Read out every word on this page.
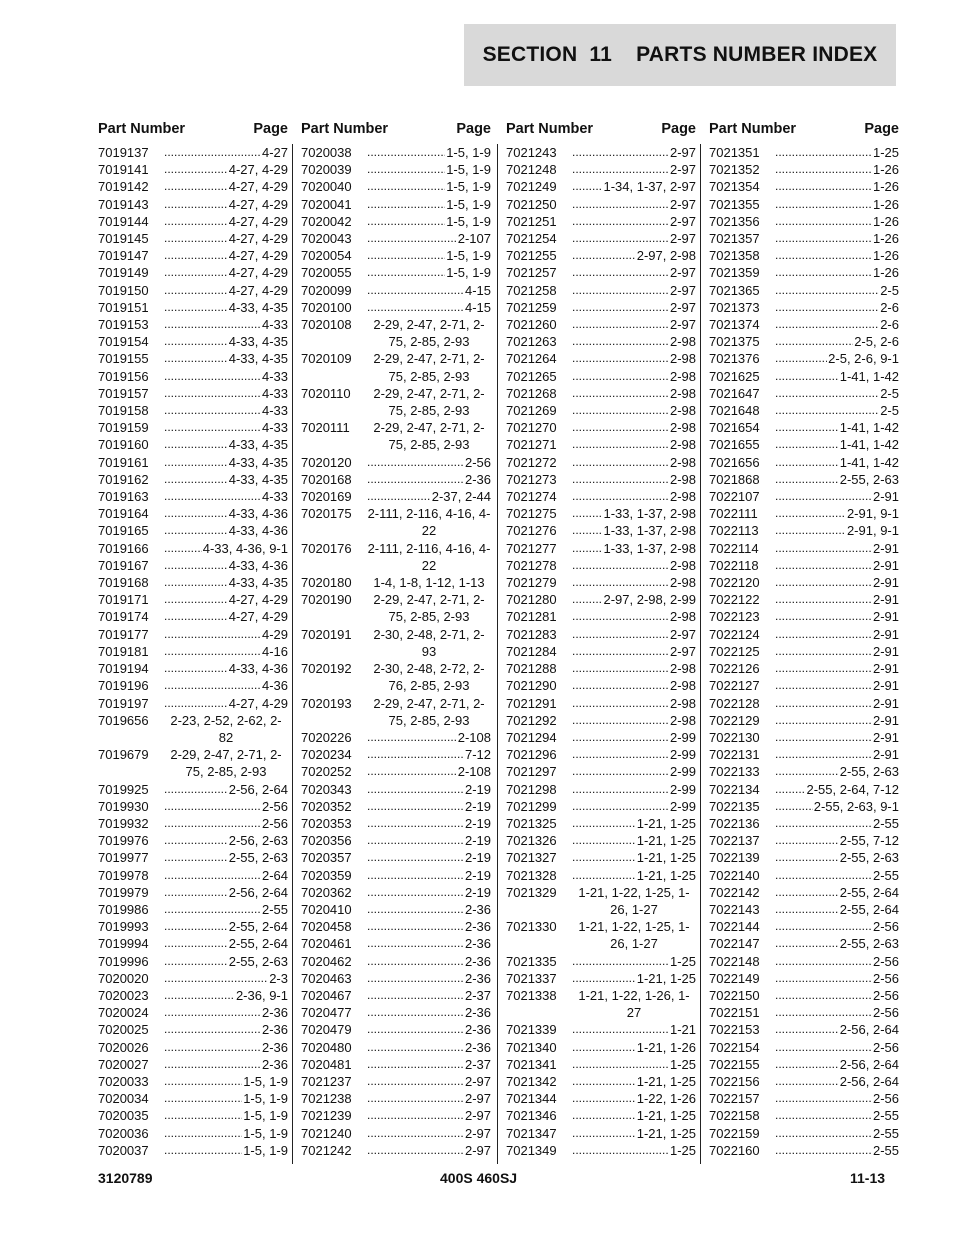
SECTION  11
PARTS NUMBER INDEX
Part Number	Page
7019137 .....	4-27
7019141 .....	4-27, 4-29
7019142 .....	4-27, 4-29
7019143 .....	4-27, 4-29
7019144 .....	4-27, 4-29
7019145 .....	4-27, 4-29
7019147 .....	4-27, 4-29
7019149 .....	4-27, 4-29
7019150 .....	4-27, 4-29
7019151 .....	4-33, 4-35
7019153 .....	4-33
7019154 .....	4-33, 4-35
7019155 .....	4-33, 4-35
7019156 .....	4-33
7019157 .....	4-33
7019158 .....	4-33
7019159 .....	4-33
7019160 .....	4-33, 4-35
7019161 .....	4-33, 4-35
7019162 .....	4-33, 4-35
7019163 .....	4-33
7019164 .....	4-33, 4-36
7019165 .....	4-33, 4-36
7019166 .....	4-33, 4-36, 9-1
7019167 .....	4-33, 4-36
7019168 .....	4-33, 4-35
7019171 .....	4-27, 4-29
7019174 .....	4-27, 4-29
7019177 .....	4-29
7019181 .....	4-16
7019194 .....	4-33, 4-36
7019196 .....	4-36
7019197 .....	4-27, 4-29
7019656	2-23, 2-52, 2-62, 2-82
7019679	2-29, 2-47, 2-71, 2-75, 2-85, 2-93
7019925 .....	2-56, 2-64
7019930 .....	2-56
7019932 .....	2-56
7019976 .....	2-56, 2-63
7019977 .....	2-55, 2-63
7019978 .....	2-64
7019979 .....	2-56, 2-64
7019986 .....	2-55
7019993 .....	2-55, 2-64
7019994 .....	2-55, 2-64
7019996 .....	2-55, 2-63
7020020 .....	2-3
7020023 .....	2-36, 9-1
7020024 .....	2-36
7020025 .....	2-36
7020026 .....	2-36
7020027 .....	2-36
7020033 .....	1-5, 1-9
7020034 .....	1-5, 1-9
7020035 .....	1-5, 1-9
7020036 .....	1-5, 1-9
7020037 .....	1-5, 1-9
Part Number	Page
7020038 .....	1-5, 1-9
7020039 .....	1-5, 1-9
7020040 .....	1-5, 1-9
7020041 .....	1-5, 1-9
7020042 .....	1-5, 1-9
7020043 .....	2-107
7020054 .....	1-5, 1-9
7020055 .....	1-5, 1-9
7020099 .....	4-15
7020100 .....	4-15
7020108	2-29, 2-47, 2-71, 2-75, 2-85, 2-93
7020109	2-29, 2-47, 2-71, 2-75, 2-85, 2-93
7020110	2-29, 2-47, 2-71, 2-75, 2-85, 2-93
7020111	2-29, 2-47, 2-71, 2-75, 2-85, 2-93
7020120 .....	2-56
7020168 .....	2-36
7020169 .....	2-37, 2-44
7020175	2-111, 2-116, 4-16, 4-22
7020176	2-111, 2-116, 4-16, 4-22
7020180	1-4, 1-8, 1-12, 1-13
7020190	2-29, 2-47, 2-71, 2-75, 2-85, 2-93
7020191	2-30, 2-48, 2-71, 2-93
7020192	2-30, 2-48, 2-72, 2-76, 2-85, 2-93
7020193	2-29, 2-47, 2-71, 2-75, 2-85, 2-93
7020226 .....	2-108
7020234 .....	7-12
7020252 .....	2-108
7020343 .....	2-19
7020352 .....	2-19
7020353 .....	2-19
7020356 .....	2-19
7020357 .....	2-19
7020359 .....	2-19
7020362 .....	2-19
7020410 .....	2-36
7020458 .....	2-36
7020461 .....	2-36
7020462 .....	2-36
7020463 .....	2-36
7020467 .....	2-37
7020477 .....	2-36
7020479 .....	2-36
7020480 .....	2-36
7020481 .....	2-37
7021237 .....	2-97
7021238 .....	2-97
7021239 .....	2-97
7021240 .....	2-97
7021242 .....	2-97
Part Number	Page
7021243 .....	2-97
7021248 .....	2-97
7021249 .....	1-34, 1-37, 2-97
7021250 .....	2-97
7021251 .....	2-97
7021254 .....	2-97
7021255 .....	2-97, 2-98
7021257 .....	2-97
7021258 .....	2-97
7021259 .....	2-97
7021260 .....	2-97
7021263 .....	2-98
7021264 .....	2-98
7021265 .....	2-98
7021268 .....	2-98
7021269 .....	2-98
7021270 .....	2-98
7021271 .....	2-98
7021272 .....	2-98
7021273 .....	2-98
7021274 .....	2-98
7021275 .....	1-33, 1-37, 2-98
7021276 .....	1-33, 1-37, 2-98
7021277 .....	1-33, 1-37, 2-98
7021278 .....	2-98
7021279 .....	2-98
7021280 .....	2-97, 2-98, 2-99
7021281 .....	2-98
7021283 .....	2-97
7021284 .....	2-97
7021288 .....	2-98
7021290 .....	2-98
7021291 .....	2-98
7021292 .....	2-98
7021294 .....	2-99
7021296 .....	2-99
7021297 .....	2-99
7021298 .....	2-99
7021299 .....	2-99
7021325 .....	1-21, 1-25
7021326 .....	1-21, 1-25
7021327 .....	1-21, 1-25
7021328 .....	1-21, 1-25
7021329	1-21, 1-22, 1-25, 1-26, 1-27
7021330	1-21, 1-22, 1-25, 1-26, 1-27
7021335 .....	1-25
7021337 .....	1-21, 1-25
7021338	1-21, 1-22, 1-26, 1-27
7021339 .....	1-21
7021340 .....	1-21, 1-26
7021341 .....	1-25
7021342 .....	1-21, 1-25
7021344 .....	1-22, 1-26
7021346 .....	1-21, 1-25
7021347 .....	1-21, 1-25
7021349 .....	1-25
Part Number	Page
7021351 .....	1-25
7021352 .....	1-26
7021354 .....	1-26
7021355 .....	1-26
7021356 .....	1-26
7021357 .....	1-26
7021358 .....	1-26
7021359 .....	1-26
7021365 .....	2-5
7021373 .....	2-6
7021374 .....	2-6
7021375 .....	2-5, 2-6
7021376 .....	2-5, 2-6, 9-1
7021625 .....	1-41, 1-42
7021647 .....	2-5
7021648 .....	2-5
7021654 .....	1-41, 1-42
7021655 .....	1-41, 1-42
7021656 .....	1-41, 1-42
7021868 .....	2-55, 2-63
7022107 .....	2-91
7022111 .....	2-91, 9-1
7022113 .....	2-91, 9-1
7022114 .....	2-91
7022118 .....	2-91
7022120 .....	2-91
7022122 .....	2-91
7022123 .....	2-91
7022124 .....	2-91
7022125 .....	2-91
7022126 .....	2-91
7022127 .....	2-91
7022128 .....	2-91
7022129 .....	2-91
7022130 .....	2-91
7022131 .....	2-91
7022133 .....	2-55, 2-63
7022134 .....	2-55, 2-64, 7-12
7022135 .....	2-55, 2-63, 9-1
7022136 .....	2-55
7022137 .....	2-55, 7-12
7022139 .....	2-55, 2-63
7022140 .....	2-55
7022142 .....	2-55, 2-64
7022143 .....	2-55, 2-64
7022144 .....	2-56
7022147 .....	2-55, 2-63
7022148 .....	2-56
7022149 .....	2-56
7022150 .....	2-56
7022151 .....	2-56
7022153 .....	2-56, 2-64
7022154 .....	2-56
7022155 .....	2-56, 2-64
7022156 .....	2-56, 2-64
7022157 .....	2-56
7022158 .....	2-55
7022159 .....	2-55
7022160 .....	2-55
3120789	400S 460SJ	11-13
